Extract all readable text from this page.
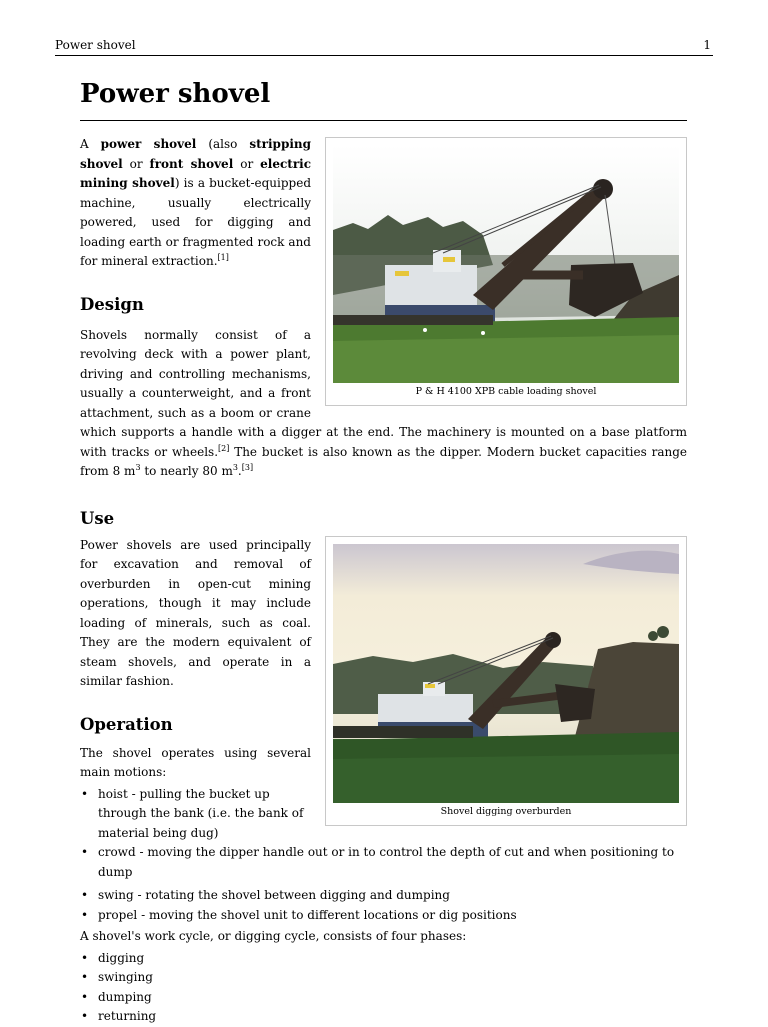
Power shovel	1
Power shovel
P & H 4100 XPB cable loading shovel

A power shovel (also stripping shovel or front shovel or electric mining shovel) is a bucket-equipped machine, usually electrically powered, used for digging and loading earth or fragmented rock and for mineral extraction.[1]

Design

Shovels normally consist of a revolving deck with a power plant, driving and controlling mechanisms, usually a counterweight, and a front attachment, such as a boom or crane which supports a handle with a digger at the end. The machinery is mounted on a base platform with tracks or wheels.[2] The bucket is also known as the dipper. Modern bucket capacities range from 8 $m^3$ to nearly 80 $m^3.[3]$

Use
Shovel digging overburden

Power shovels are used principally for excavation and removal of overburden in open-cut mining operations, though it may include loading of minerals, such as coal. They are the modern equivalent of steam shovels, and operate in a similar fashion.

Operation

The shovel operates using several main motions:

• hoist - pulling the bucket up through the bank (i.e. the bank of material being dug)
• crowd - moving the dipper handle out or in to control the depth of cut and when positioning to dump
• swing - rotating the shovel between digging and dumping
• propel - moving the shovel unit to different locations or dig positions

A shovel's work cycle, or digging cycle, consists of four phases:

• digging
• swinging
• dumping
• returning
